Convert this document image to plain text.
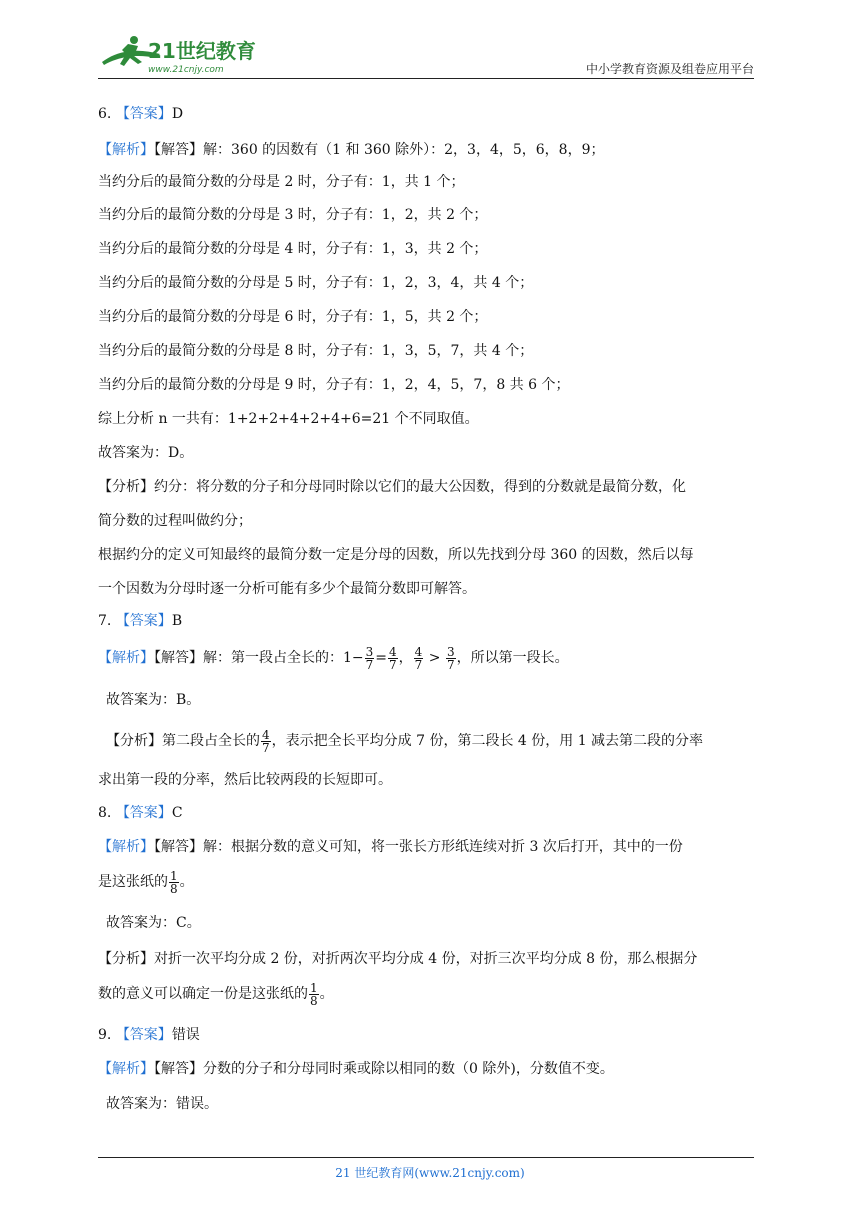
21世纪教育
www.21cnjy.com	中小学教育资源及组卷应用平台
6. 【答案】D
【解析】【解答】解：360 的因数有（1 和 360 除外）：2，3，4，5，6，8，9；
当约分后的最简分数的分母是 2 时，分子有：1，共 1 个；
当约分后的最简分数的分母是 3 时，分子有：1，2，共 2 个；
当约分后的最简分数的分母是 4 时，分子有：1，3，共 2 个；
当约分后的最简分数的分母是 5 时，分子有：1，2，3，4，共 4 个；
当约分后的最简分数的分母是 6 时，分子有：1，5，共 2 个；
当约分后的最简分数的分母是 8 时，分子有：1，3，5，7，共 4 个；
当约分后的最简分数的分母是 9 时，分子有：1，2，4，5，7，8 共 6 个；
综上分析 n 一共有：1+2+2+4+2+4+6=21 个不同取值。
故答案为：D。
【分析】约分：将分数的分子和分母同时除以它们的最大公因数，得到的分数就是最简分数，化
简分数的过程叫做约分；
根据约分的定义可知最终的最简分数一定是分母的因数，所以先找到分母 360 的因数，然后以每
一个因数为分母时逐一分析可能有多少个最简分数即可解答。
7. 【答案】B
【解析】【解答】解：第一段占全长的：$1- \frac{3}{7} = \frac{4}{7}$ ， $\frac{4}{7} > \frac{3}{7}$ ，所以第一段长。
故答案为：B。
【分析】第二段占全长的 $\frac{4}{7}$ ，表示把全长平均分成 7 份，第二段长 4 份，用 1 减去第二段的分率
求出第一段的分率，然后比较两段的长短即可。
8. 【答案】C
【解析】【解答】解：根据分数的意义可知，将一张长方形纸连续对折 3 次后打开，其中的一份
是这张纸的 $\frac{1}{8}$ 。
故答案为：C。
【分析】对折一次平均分成 2 份，对折两次平均分成 4 份，对折三次平均分成 8 份，那么根据分
数的意义可以确定一份是这张纸的 $\frac{1}{8}$ 。
9. 【答案】错误
【解析】【解答】分数的分子和分母同时乘或除以相同的数（0 除外)，分数值不变。
故答案为：错误。
21 世纪教育网(www.21cnjy.com)
